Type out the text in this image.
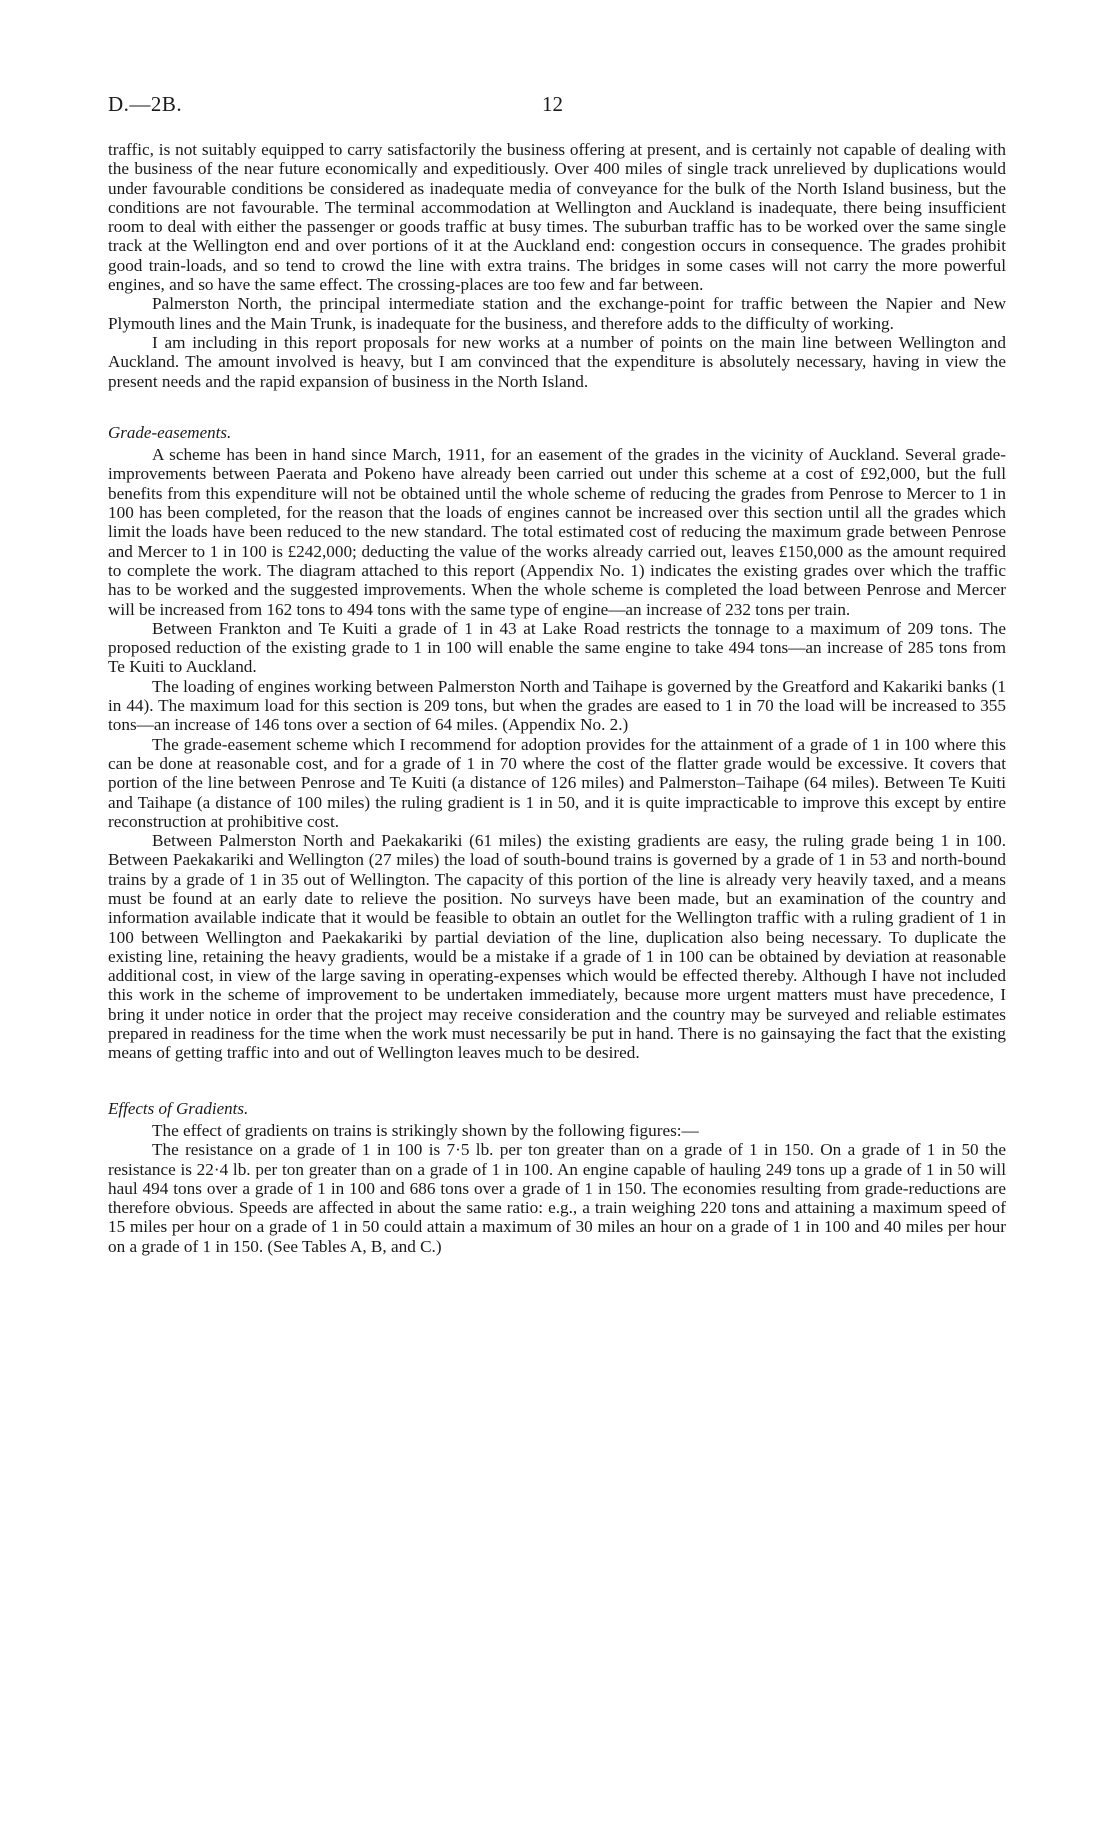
D.—2B.	12

traffic, is not suitably equipped to carry satisfactorily the business offering at present, and is certainly not capable of dealing with the business of the near future economically and expeditiously. Over 400 miles of single track unrelieved by duplications would under favourable conditions be considered as inadequate media of conveyance for the bulk of the North Island business, but the conditions are not favourable. The terminal accommodation at Wellington and Auckland is inadequate, there being insufficient room to deal with either the passenger or goods traffic at busy times. The suburban traffic has to be worked over the same single track at the Wellington end and over portions of it at the Auckland end: congestion occurs in consequence. The grades prohibit good train-loads, and so tend to crowd the line with extra trains. The bridges in some cases will not carry the more powerful engines, and so have the same effect. The crossing-places are too few and far between.

Palmerston North, the principal intermediate station and the exchange-point for traffic between the Napier and New Plymouth lines and the Main Trunk, is inadequate for the business, and therefore adds to the difficulty of working.

I am including in this report proposals for new works at a number of points on the main line between Wellington and Auckland. The amount involved is heavy, but I am convinced that the expenditure is absolutely necessary, having in view the present needs and the rapid expansion of business in the North Island.

Grade-easements.

A scheme has been in hand since March, 1911, for an easement of the grades in the vicinity of Auckland. Several grade-improvements between Paerata and Pokeno have already been carried out under this scheme at a cost of £92,000, but the full benefits from this expenditure will not be obtained until the whole scheme of reducing the grades from Penrose to Mercer to 1 in 100 has been completed, for the reason that the loads of engines cannot be increased over this section until all the grades which limit the loads have been reduced to the new standard. The total estimated cost of reducing the maximum grade between Penrose and Mercer to 1 in 100 is £242,000; deducting the value of the works already carried out, leaves £150,000 as the amount required to complete the work. The diagram attached to this report (Appendix No. 1) indicates the existing grades over which the traffic has to be worked and the suggested improvements. When the whole scheme is completed the load between Penrose and Mercer will be increased from 162 tons to 494 tons with the same type of engine—an increase of 232 tons per train.

Between Frankton and Te Kuiti a grade of 1 in 43 at Lake Road restricts the tonnage to a maximum of 209 tons. The proposed reduction of the existing grade to 1 in 100 will enable the same engine to take 494 tons—an increase of 285 tons from Te Kuiti to Auckland.

The loading of engines working between Palmerston North and Taihape is governed by the Greatford and Kakariki banks (1 in 44). The maximum load for this section is 209 tons, but when the grades are eased to 1 in 70 the load will be increased to 355 tons—an increase of 146 tons over a section of 64 miles. (Appendix No. 2.)

The grade-easement scheme which I recommend for adoption provides for the attainment of a grade of 1 in 100 where this can be done at reasonable cost, and for a grade of 1 in 70 where the cost of the flatter grade would be excessive. It covers that portion of the line between Penrose and Te Kuiti (a distance of 126 miles) and Palmerston–Taihape (64 miles). Between Te Kuiti and Taihape (a distance of 100 miles) the ruling gradient is 1 in 50, and it is quite impracticable to improve this except by entire reconstruction at prohibitive cost.

Between Palmerston North and Paekakariki (61 miles) the existing gradients are easy, the ruling grade being 1 in 100. Between Paekakariki and Wellington (27 miles) the load of south-bound trains is governed by a grade of 1 in 53 and north-bound trains by a grade of 1 in 35 out of Wellington. The capacity of this portion of the line is already very heavily taxed, and a means must be found at an early date to relieve the position. No surveys have been made, but an examination of the country and information available indicate that it would be feasible to obtain an outlet for the Wellington traffic with a ruling gradient of 1 in 100 between Wellington and Paekakariki by partial deviation of the line, duplication also being necessary. To duplicate the existing line, retaining the heavy gradients, would be a mistake if a grade of 1 in 100 can be obtained by deviation at reasonable additional cost, in view of the large saving in operating-expenses which would be effected thereby. Although I have not included this work in the scheme of improvement to be undertaken immediately, because more urgent matters must have precedence, I bring it under notice in order that the project may receive consideration and the country may be surveyed and reliable estimates prepared in readiness for the time when the work must necessarily be put in hand. There is no gainsaying the fact that the existing means of getting traffic into and out of Wellington leaves much to be desired.

Effects of Gradients.

The effect of gradients on trains is strikingly shown by the following figures:—

The resistance on a grade of 1 in 100 is 7·5 lb. per ton greater than on a grade of 1 in 150. On a grade of 1 in 50 the resistance is 22·4 lb. per ton greater than on a grade of 1 in 100. An engine capable of hauling 249 tons up a grade of 1 in 50 will haul 494 tons over a grade of 1 in 100 and 686 tons over a grade of 1 in 150. The economies resulting from grade-reductions are therefore obvious. Speeds are affected in about the same ratio: e.g., a train weighing 220 tons and attaining a maximum speed of 15 miles per hour on a grade of 1 in 50 could attain a maximum of 30 miles an hour on a grade of 1 in 100 and 40 miles per hour on a grade of 1 in 150. (See Tables A, B, and C.)
